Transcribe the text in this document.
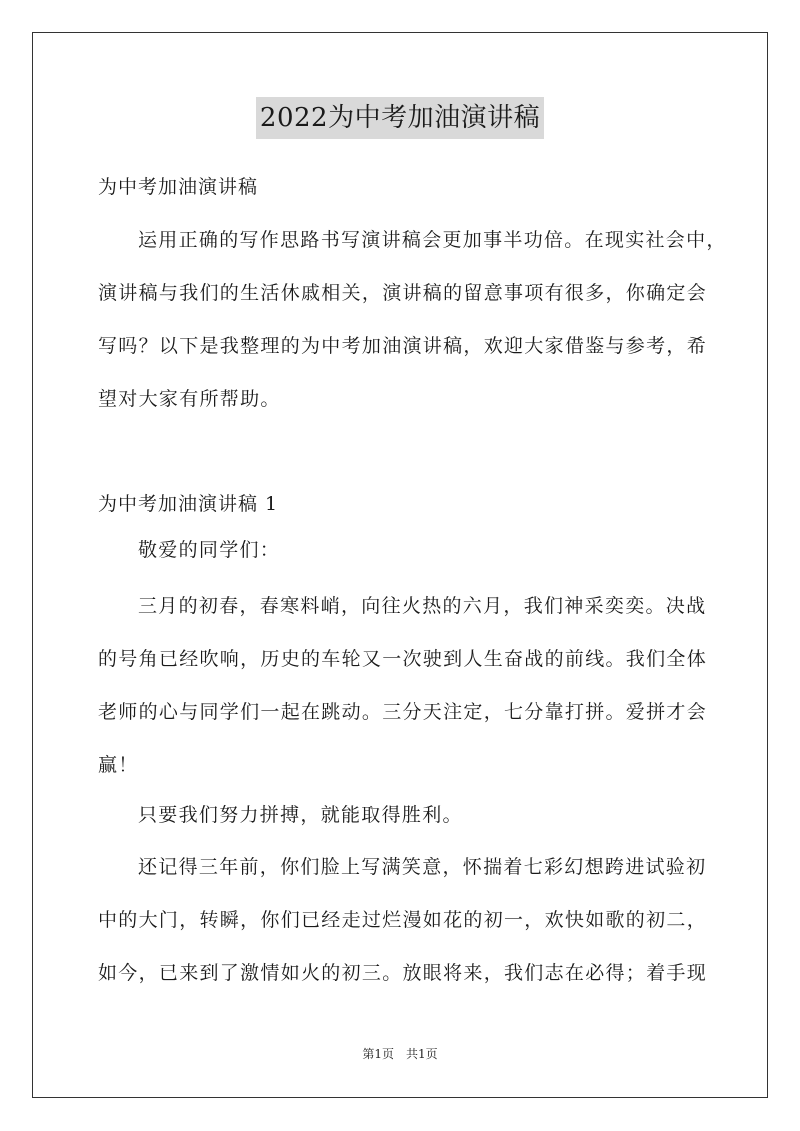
2022为中考加油演讲稿
为中考加油演讲稿
运用正确的写作思路书写演讲稿会更加事半功倍。在现实社会中，
演讲稿与我们的生活休戚相关，演讲稿的留意事项有很多，你确定会
写吗？以下是我整理的为中考加油演讲稿，欢迎大家借鉴与参考，希
望对大家有所帮助。
为中考加油演讲稿 1
敬爱的同学们：
三月的初春，春寒料峭，向往火热的六月，我们神采奕奕。决战
的号角已经吹响，历史的车轮又一次驶到人生奋战的前线。我们全体
老师的心与同学们一起在跳动。三分天注定，七分靠打拼。爱拼才会
赢！
只要我们努力拼搏，就能取得胜利。
还记得三年前，你们脸上写满笑意，怀揣着七彩幻想跨进试验初
中的大门，转瞬，你们已经走过烂漫如花的初一，欢快如歌的初二，
如今，已来到了激情如火的初三。放眼将来，我们志在必得；着手现
第1页　共1页
